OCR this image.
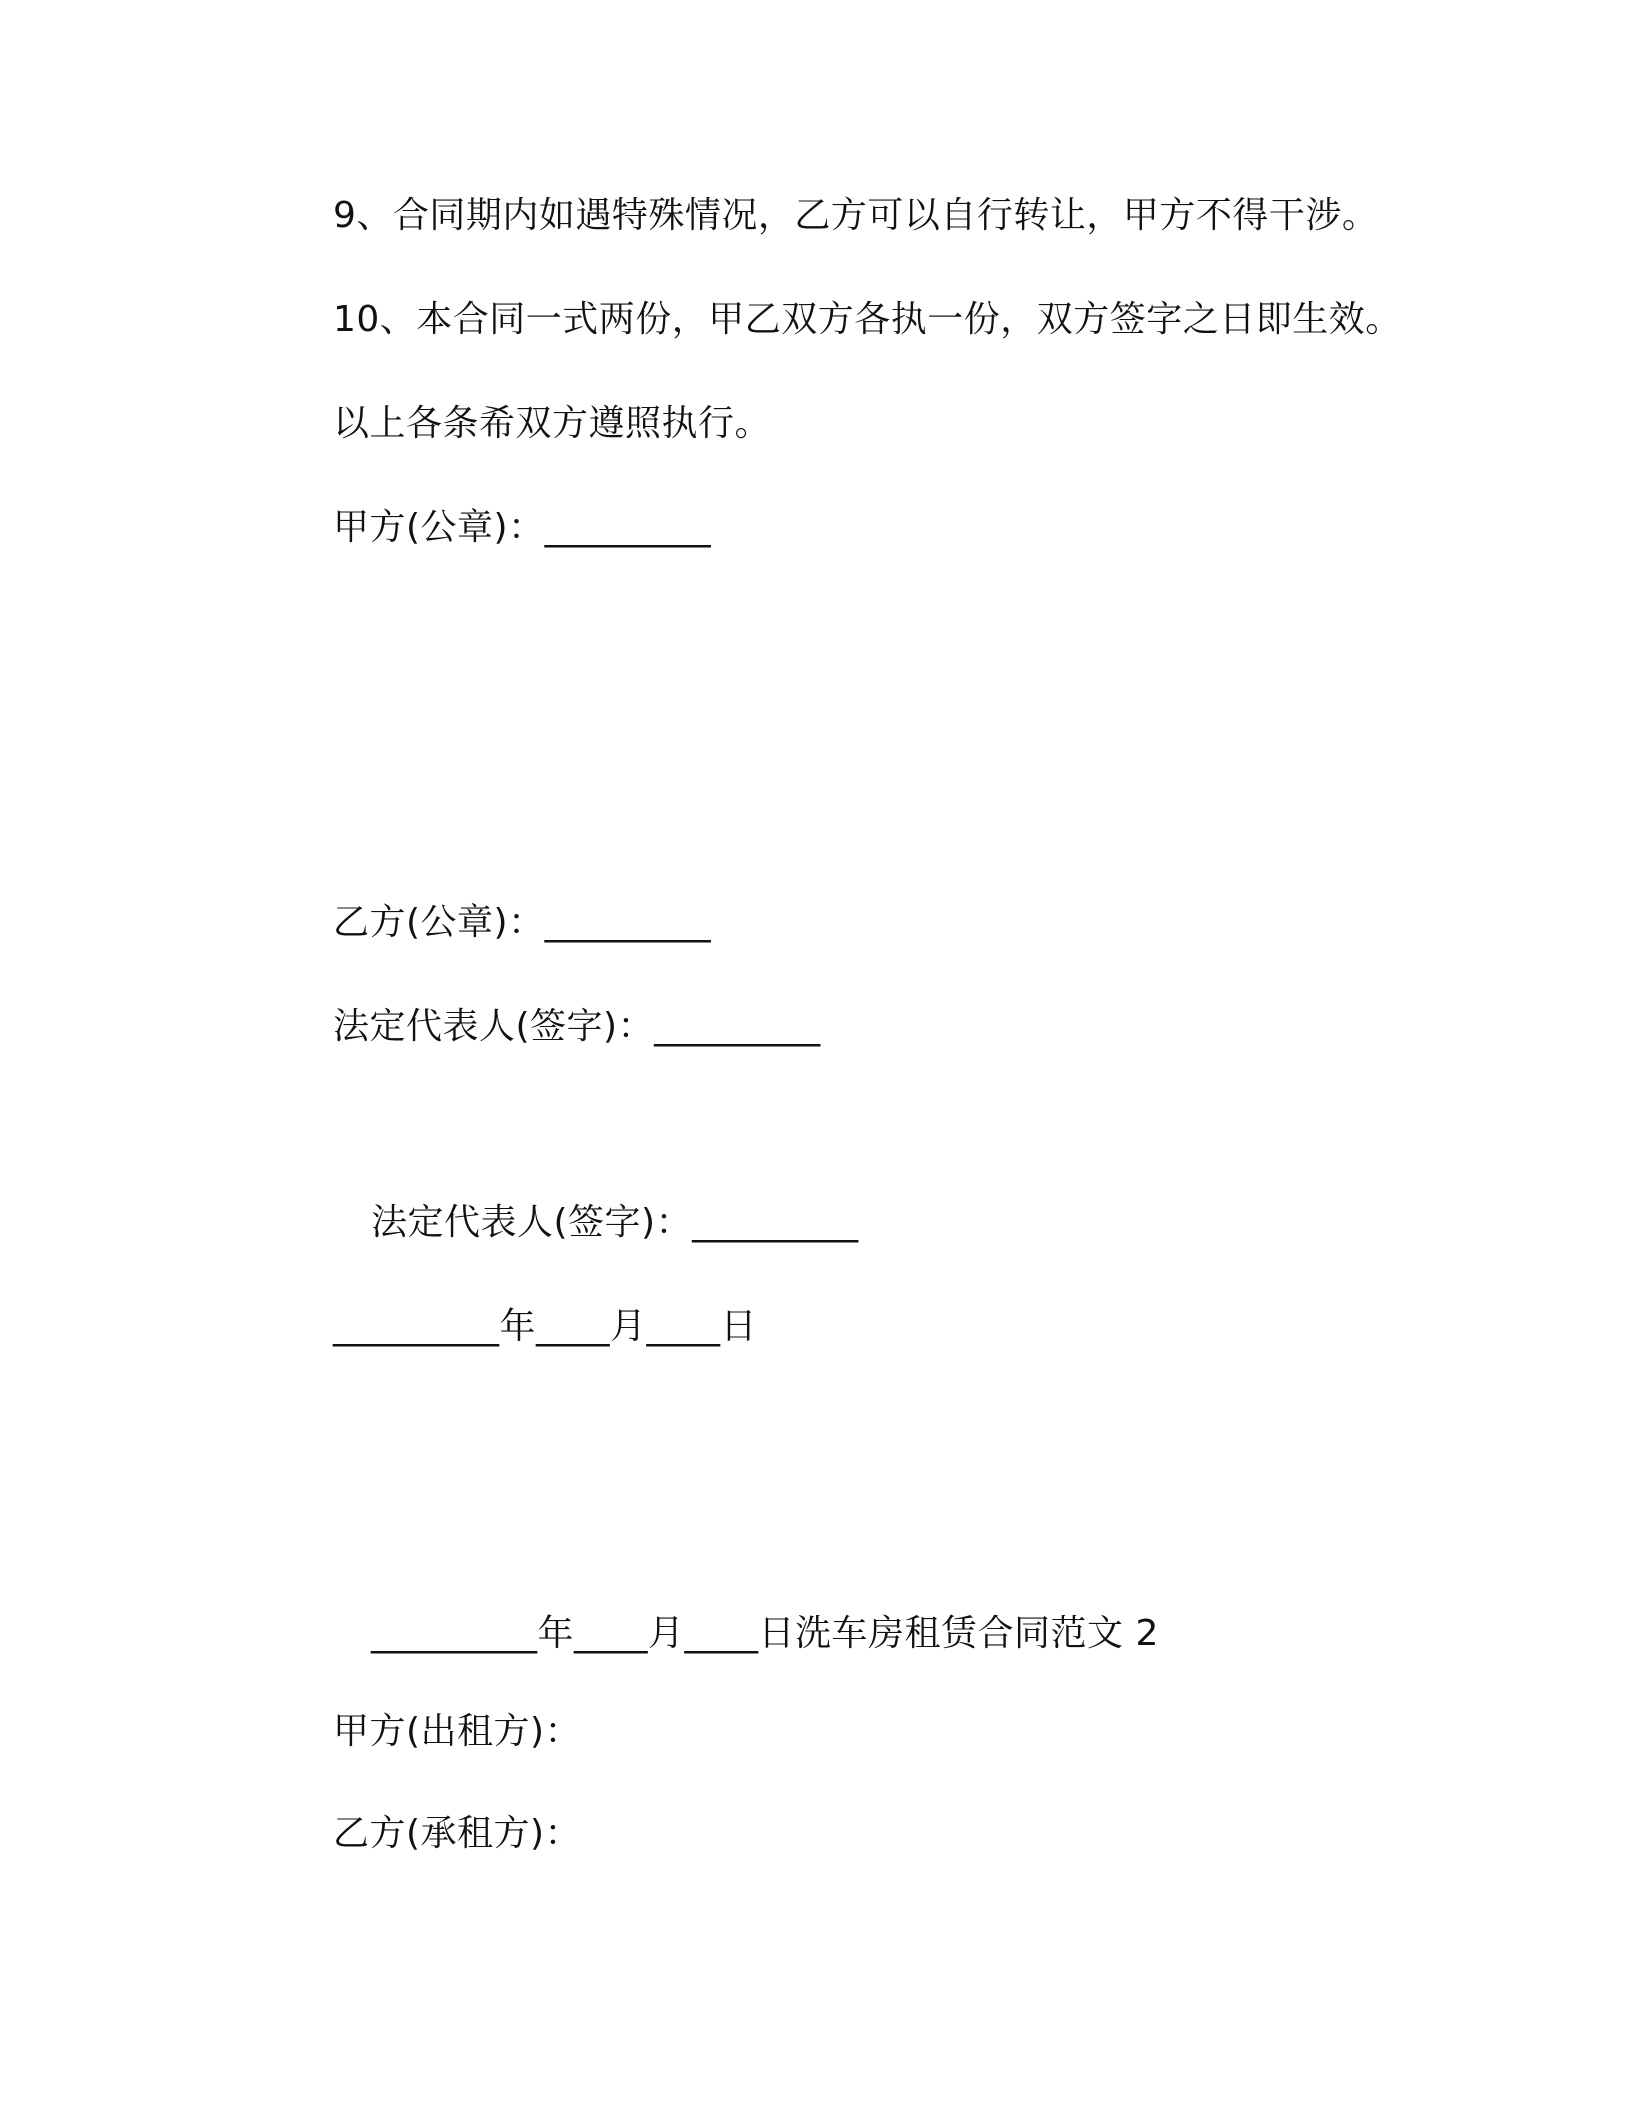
9、合同期内如遇特殊情况，乙方可以自行转让，甲方不得干涉。
10、本合同一式两份，甲乙双方各执一份，双方签字之日即生效。
以上各条希双方遵照执行。
甲方(公章)：_________
乙方(公章)：_________
法定代表人(签字)：_________
法定代表人(签字)：_________
_________年____月____日
_________年____月____日洗车房租赁合同范文 2
甲方(出租方)：
乙方(承租方)：
